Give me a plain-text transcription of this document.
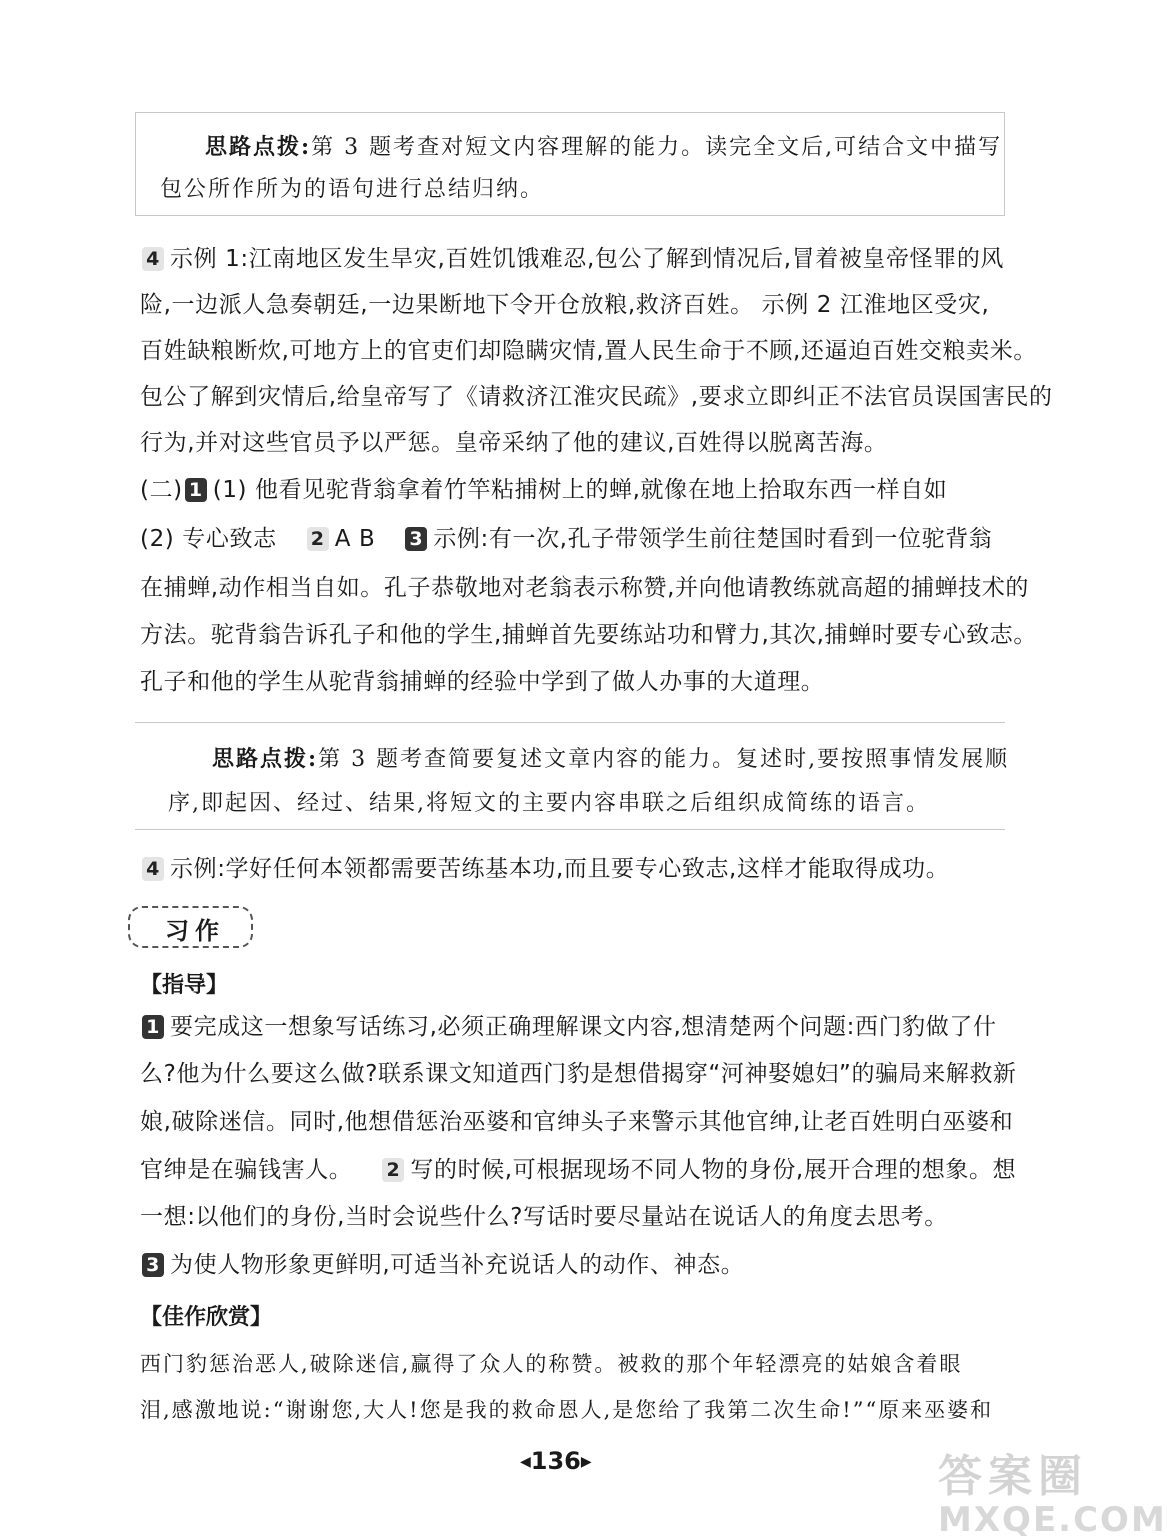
思路点拨:第 3 题考查对短文内容理解的能力。读完全文后,可结合文中描写
包公所作所为的语句进行总结归纳。
4 示例 1:江南地区发生旱灾,百姓饥饿难忍,包公了解到情况后,冒着被皇帝怪罪的风
险,一边派人急奏朝廷,一边果断地下令开仓放粮,救济百姓。 示例 2 江淮地区受灾,
百姓缺粮断炊,可地方上的官吏们却隐瞒灾情,置人民生命于不顾,还逼迫百姓交粮卖米。
包公了解到灾情后,给皇帝写了《请救济江淮灾民疏》,要求立即纠正不法官员误国害民的
行为,并对这些官员予以严惩。皇帝采纳了他的建议,百姓得以脱离苦海。
(二) 1 (1) 他看见驼背翁拿着竹竿粘捕树上的蝉,就像在地上拾取东西一样自如
(2) 专心致志 2 A B 3 示例:有一次,孔子带领学生前往楚国时看到一位驼背翁
在捕蝉,动作相当自如。孔子恭敬地对老翁表示称赞,并向他请教练就高超的捕蝉技术的
方法。驼背翁告诉孔子和他的学生,捕蝉首先要练站功和臂力,其次,捕蝉时要专心致志。
孔子和他的学生从驼背翁捕蝉的经验中学到了做人办事的大道理。
思路点拨:第 3 题考查简要复述文章内容的能力。复述时,要按照事情发展顺
序,即起因、经过、结果,将短文的主要内容串联之后组织成简练的语言。
4 示例:学好任何本领都需要苦练基本功,而且要专心致志,这样才能取得成功。
习作
【指导】
1 要完成这一想象写话练习,必须正确理解课文内容,想清楚两个问题:西门豹做了什
么?他为什么要这么做?联系课文知道西门豹是想借揭穿“河神娶媳妇”的骗局来解救新
娘,破除迷信。同时,他想借惩治巫婆和官绅头子来警示其他官绅,让老百姓明白巫婆和
官绅是在骗钱害人。 2 写的时候,可根据现场不同人物的身份,展开合理的想象。想
一想:以他们的身份,当时会说些什么?写话时要尽量站在说话人的角度去思考。
3 为使人物形象更鲜明,可适当补充说话人的动作、神态。
【佳作欣赏】
西门豹惩治恶人,破除迷信,赢得了众人的称赞。被救的那个年轻漂亮的姑娘含着眼
泪,感激地说:“谢谢您,大人!您是我的救命恩人,是您给了我第二次生命!”“原来巫婆和
◀136▶	答案圈
MXQE.COM
